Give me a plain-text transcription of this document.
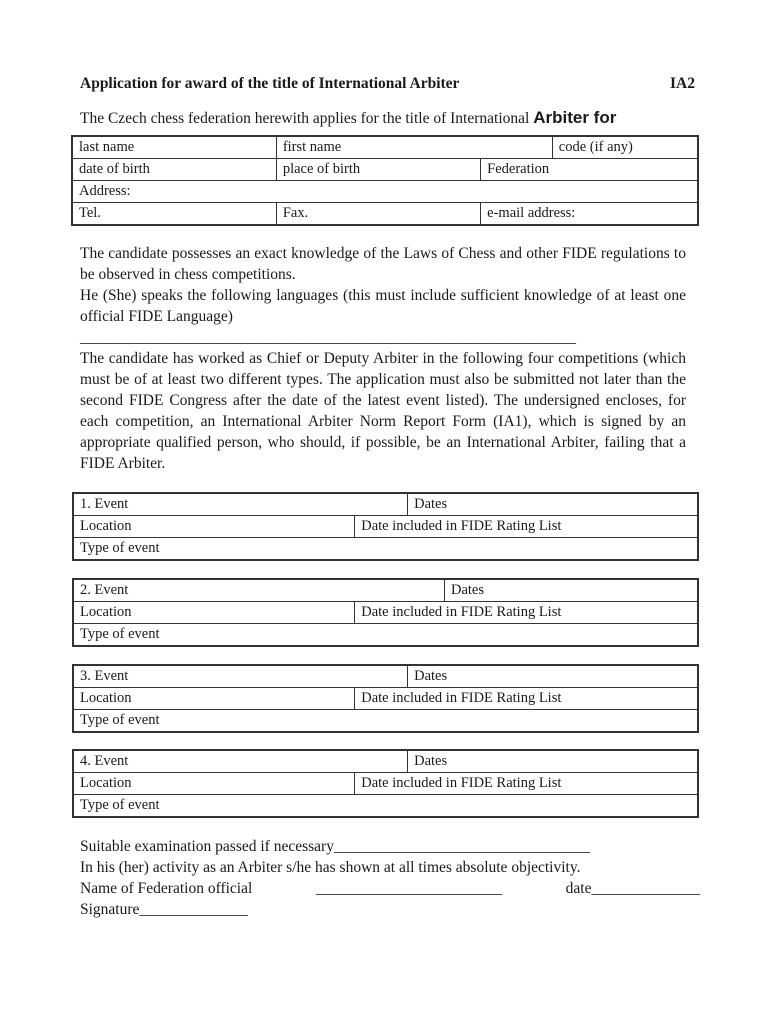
Application for award of the title of International Arbiter	IA2
The Czech chess federation herewith applies for the title of International Arbiter for
last name	first name		code (if any)
date of birth	place of birth	Federation	
Address:			
Tel.	Fax.	e-mail address:	

The candidate possesses an exact knowledge of the Laws of Chess and other FIDE regulations to be observed in chess competitions.

He (She) speaks the following languages (this must include sufficient knowledge of at least one official FIDE Language)

________________________________________________________________

The candidate has worked as Chief or Deputy Arbiter in the following four competitions (which must be of at least two different types. The application must also be submitted not later than the second FIDE Congress after the date of the latest event listed). The undersigned encloses, for each competition, an International Arbiter Norm Report Form (IA1), which is signed by an appropriate qualified person, who should, if possible, be an International Arbiter, failing that a FIDE Arbiter.

1. Event		Dates
Location	Date included in FIDE Rating List	
Type of event		
2. Event		Dates
Location	Date included in FIDE Rating List	
Type of event		
3. Event		Dates
Location	Date included in FIDE Rating List	
Type of event		
4. Event		Dates
Location	Date included in FIDE Rating List	
Type of event		

Suitable examination passed if necessary_________________________________

In his (her) activity as an Arbiter s/he has shown at all times absolute objectivity.

Name of Federation official	________________________	date______________

Signature______________
